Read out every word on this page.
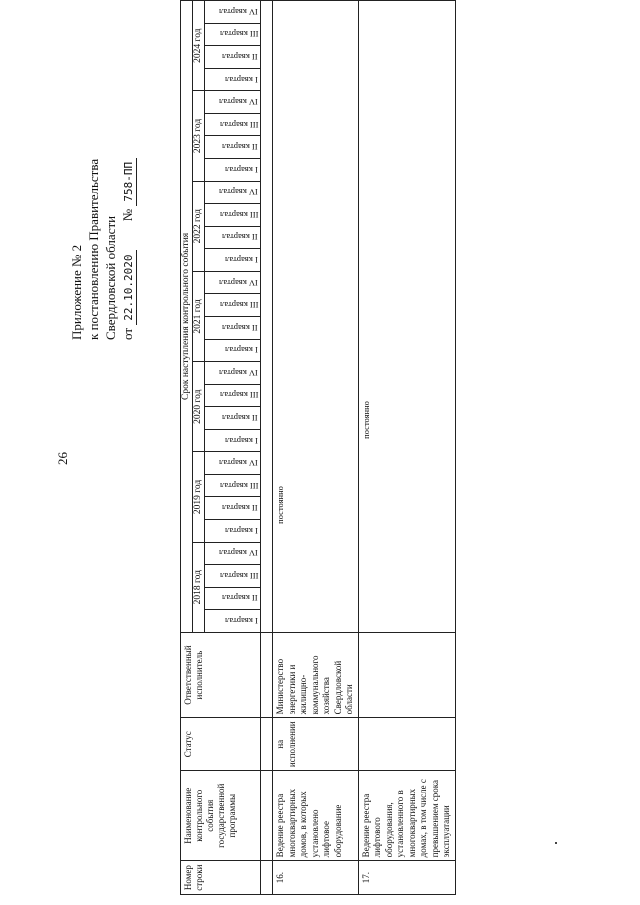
26
Приложение № 2 к постановлению Правительства Свердловской области от 22.10.2020         № 758-ПП
Номер строки	Наименование контрольного события государственной программы	Статус	Ответственный исполнитель	Срок наступления контрольного события																											
				2018 год				2019 год				2020 год				2021 год				2022 год				2023 год				2024 год			

				I квартал	II квартал	III квартал	IV квартал	I квартал	II квартал	III квартал	IV квартал	I квартал	II квартал	III квартал	IV квартал	I квартал	II квартал	III квартал	IV квартал	I квартал	II квартал	III квартал	IV квартал	I квартал	II квартал	III квартал	IV квартал	I квартал	II квартал	III квартал	IV квартал

16.	Ведение реестра многоквартирных домов, в которых установлено лифтовое оборудование	на исполнении	Министерство энергетики и жилищно-коммунального хозяйства Свердловской области	постоянно																											

17.	Ведение реестра лифтового оборудования, установленного в многоквартирных домах, в том числе с превышением срока эксплуатации			постоянно																											
